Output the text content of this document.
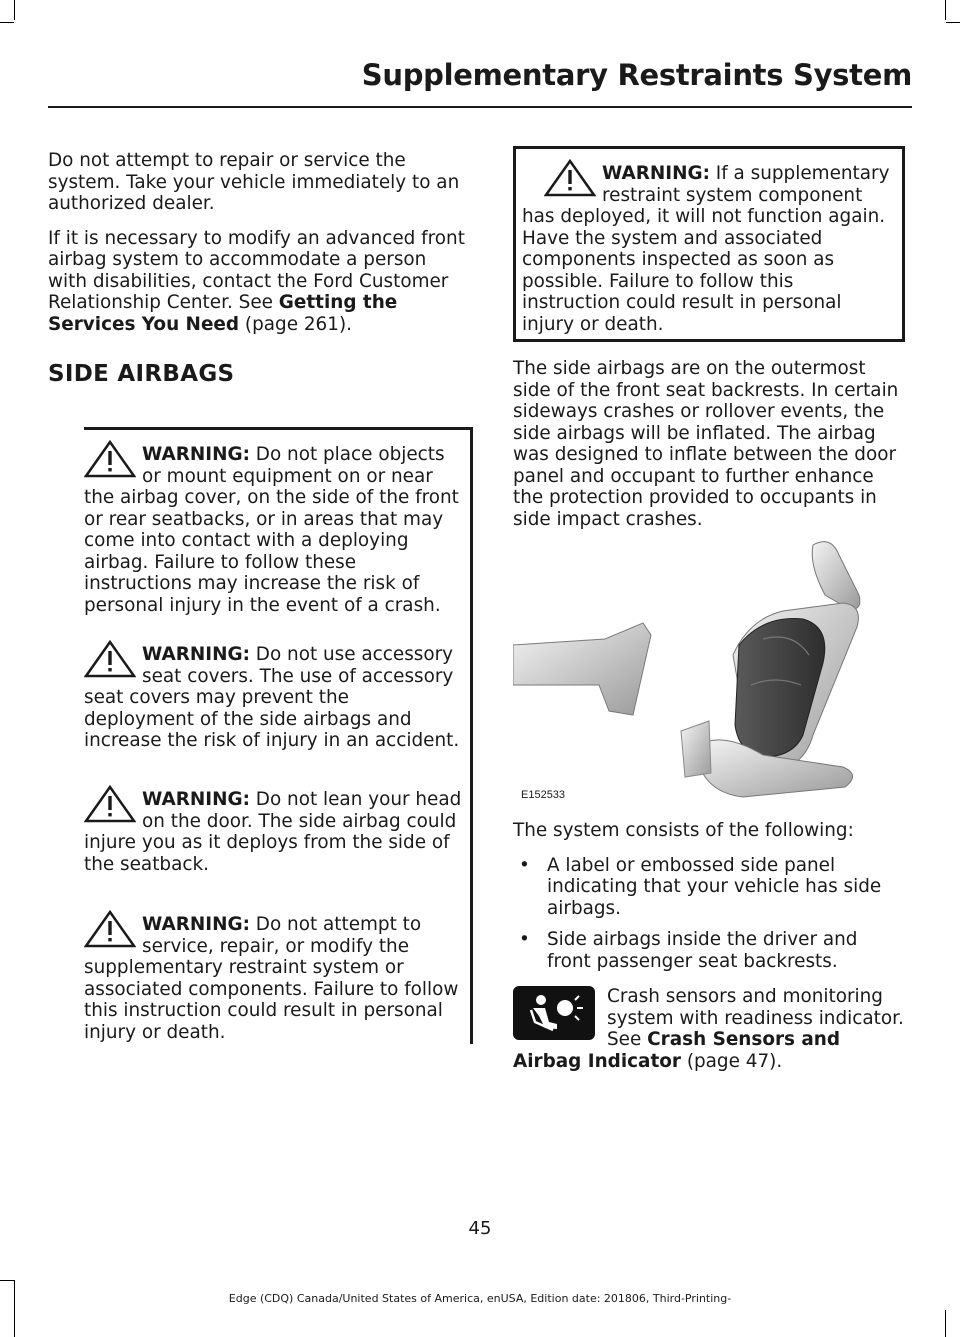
Supplementary Restraints System

Do not attempt to repair or service the system. Take your vehicle immediately to an authorized dealer.

If it is necessary to modify an advanced front airbag system to accommodate a person with disabilities, contact the Ford Customer Relationship Center. See Getting the Services You Need (page 261).

SIDE AIRBAGS
WARNING: Do not place objects or mount equipment on or near the airbag cover, on the side of the front or rear seatbacks, or in areas that may come into contact with a deploying airbag. Failure to follow these instructions may increase the risk of personal injury in the event of a crash.
WARNING: Do not use accessory seat covers. The use of accessory seat covers may prevent the deployment of the side airbags and increase the risk of injury in an accident.
WARNING: Do not lean your head on the door. The side airbag could injure you as it deploys from the side of the seatback.
WARNING: Do not attempt to service, repair, or modify the supplementary restraint system or associated components. Failure to follow this instruction could result in personal injury or death.
WARNING: If a supplementary restraint system component has deployed, it will not function again. Have the system and associated components inspected as soon as possible. Failure to follow this instruction could result in personal injury or death.

The side airbags are on the outermost side of the front seat backrests. In certain sideways crashes or rollover events, the side airbags will be inflated. The airbag was designed to inflate between the door panel and occupant to further enhance the protection provided to occupants in side impact crashes.

E152533

The system consists of the following:

• A label or embossed side panel indicating that your vehicle has side airbags.
• Side airbags inside the driver and front passenger seat backrests.

Crash sensors and monitoring system with readiness indicator. See Crash Sensors and Airbag Indicator (page 47).

45
Edge (CDQ) Canada/United States of America, enUSA, Edition date: 201806, Third-Printing-
